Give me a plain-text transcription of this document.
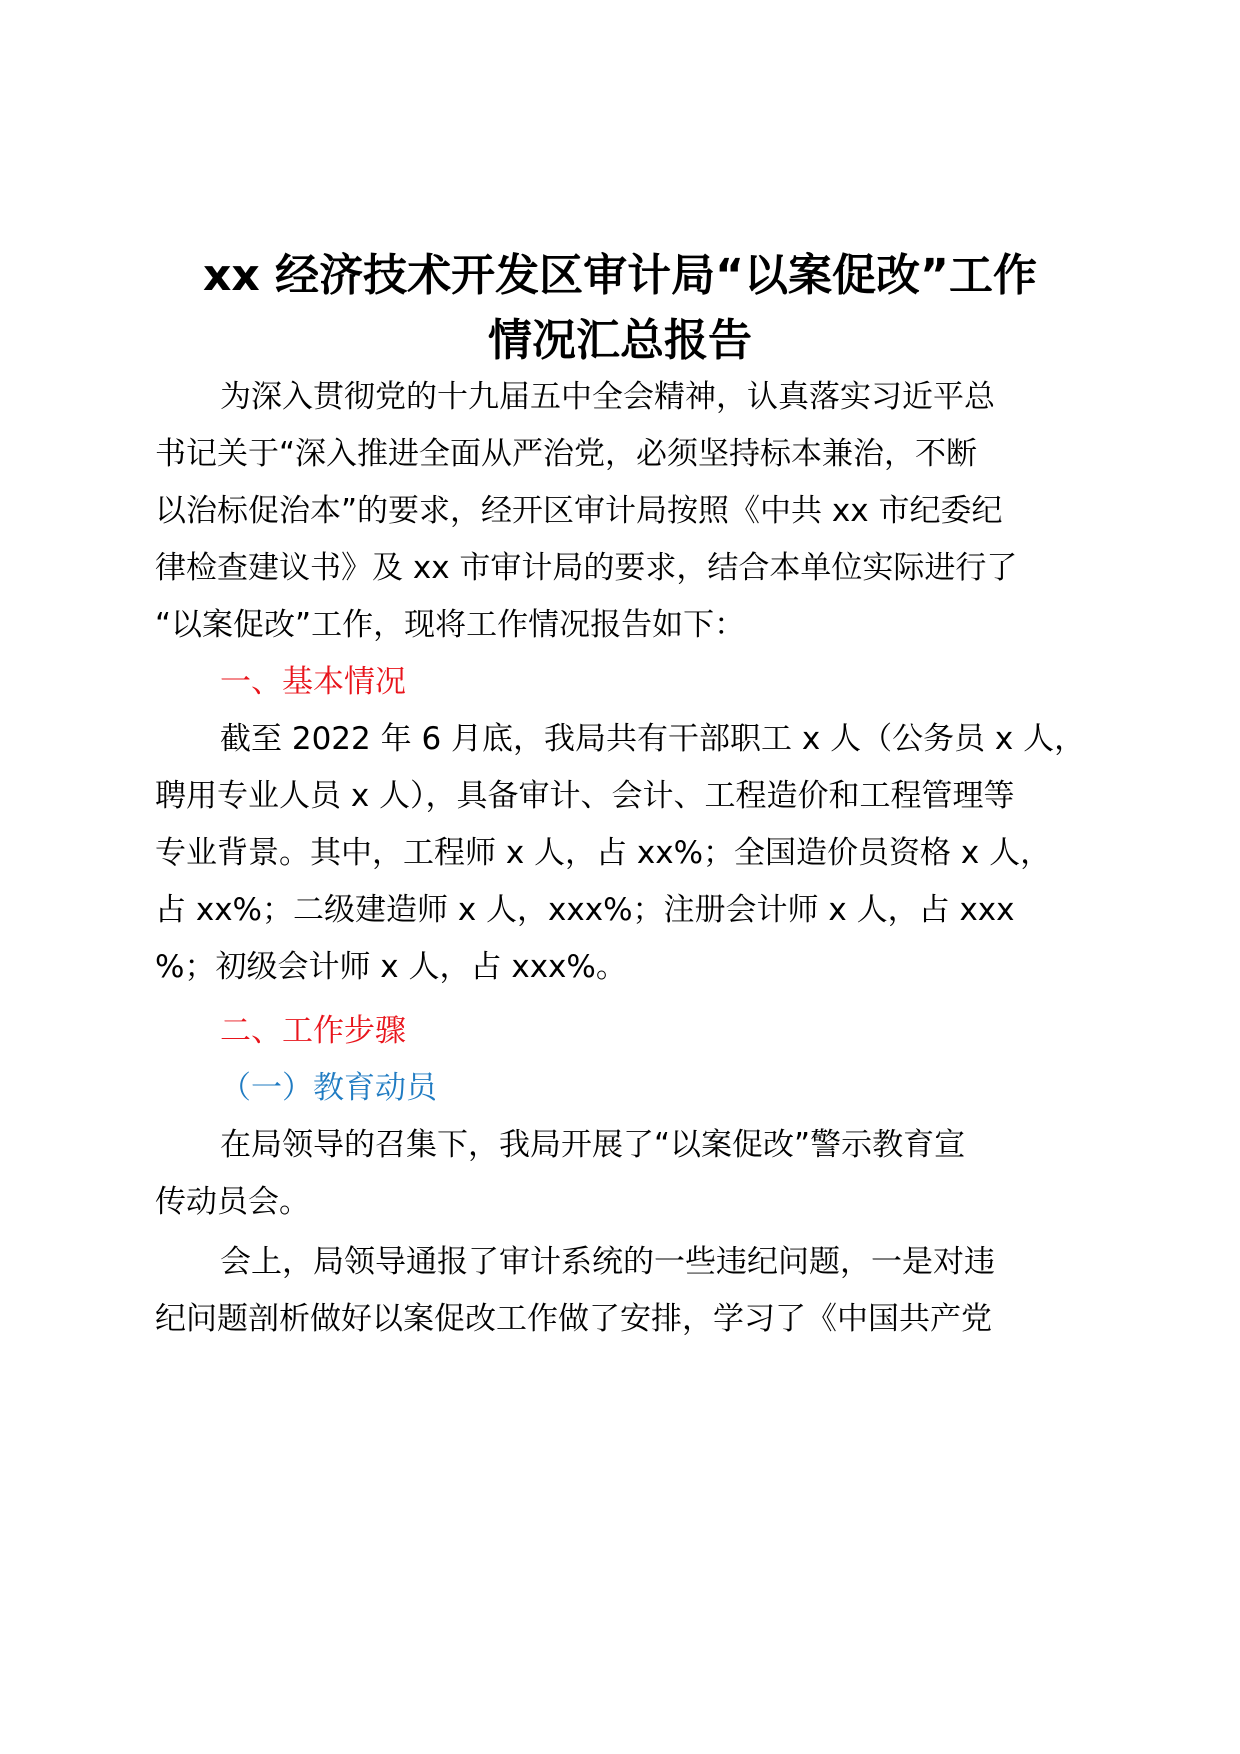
xx 经济技术开发区审计局“以案促改”工作
情况汇总报告

为深入贯彻党的十九届五中全会精神，认真落实习近平总

书记关于“深入推进全面从严治党，必须坚持标本兼治，不断

以治标促治本”的要求，经开区审计局按照《中共 xx 市纪委纪

律检查建议书》及 xx 市审计局的要求，结合本单位实际进行了

“以案促改”工作，现将工作情况报告如下：

一、基本情况

截至 2022 年 6 月底，我局共有干部职工 x 人（公务员 x 人，

聘用专业人员 x 人），具备审计、会计、工程造价和工程管理等

专业背景。其中，工程师 x 人，占 xx%；全国造价员资格 x 人，

占 xx%；二级建造师 x 人，xxx%；注册会计师 x 人，占 xxx

%；初级会计师 x 人，占 xxx%。

二、工作步骤

（一）教育动员

在局领导的召集下，我局开展了“以案促改”警示教育宣

传动员会。

会上，局领导通报了审计系统的一些违纪问题，一是对违

纪问题剖析做好以案促改工作做了安排，学习了《中国共产党
